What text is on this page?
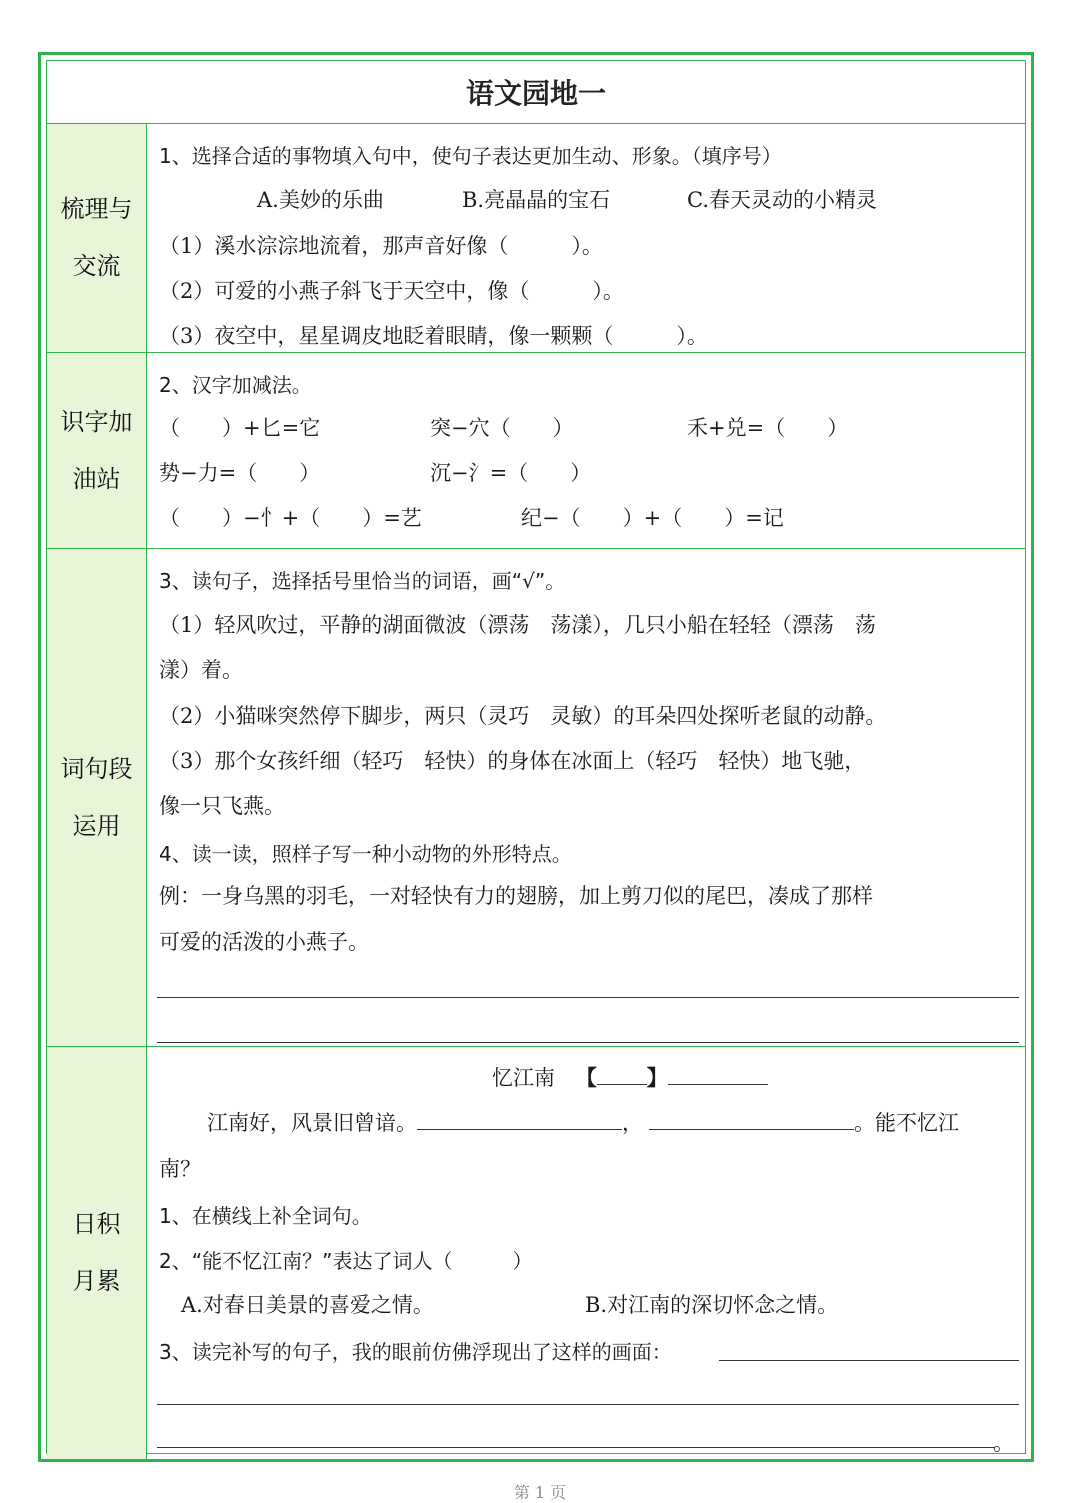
语文园地一
梳理与
交流
1、选择合适的事物填入句中，使句子表达更加生动、形象。（填序号）
A.美妙的乐曲	B.亮晶晶的宝石	C.春天灵动的小精灵
（1）溪水淙淙地流着，那声音好像（　　　）。
（2）可爱的小燕子斜飞于天空中，像（　　　）。
（3）夜空中，星星调皮地眨着眼睛，像一颗颗（　　　）。
识字加
油站
2、汉字加减法。
（　　）+匕=它	突−穴（　　）	禾+兑=（　　）
势−力=（　　）	沉−氵=（　　）
（　　）−忄+（　　）=艺	纪−（　　）+（　　）=记
词句段
运用
3、读句子，选择括号里恰当的词语，画“√”。
（1）轻风吹过，平静的湖面微波（漂荡　荡漾），几只小船在轻轻（漂荡　荡
漾）着。
（2）小猫咪突然停下脚步，两只（灵巧　灵敏）的耳朵四处探听老鼠的动静。
（3）那个女孩纤细（轻巧　轻快）的身体在冰面上（轻巧　轻快）地飞驰，
像一只飞燕。
4、读一读，照样子写一种小动物的外形特点。
例：一身乌黑的羽毛，一对轻快有力的翅膀，加上剪刀似的尾巴，凑成了那样
可爱的活泼的小燕子。
日积
月累
忆江南 【 】
江南好，风景旧曾谙。	，	。能不忆江
南？
1、在横线上补全词句。
2、“能不忆江南？”表达了词人（　　　）
A.对春日美景的喜爱之情。	B.对江南的深切怀念之情。
3、读完补写的句子，我的眼前仿佛浮现出了这样的画面：
。
第 1 页
